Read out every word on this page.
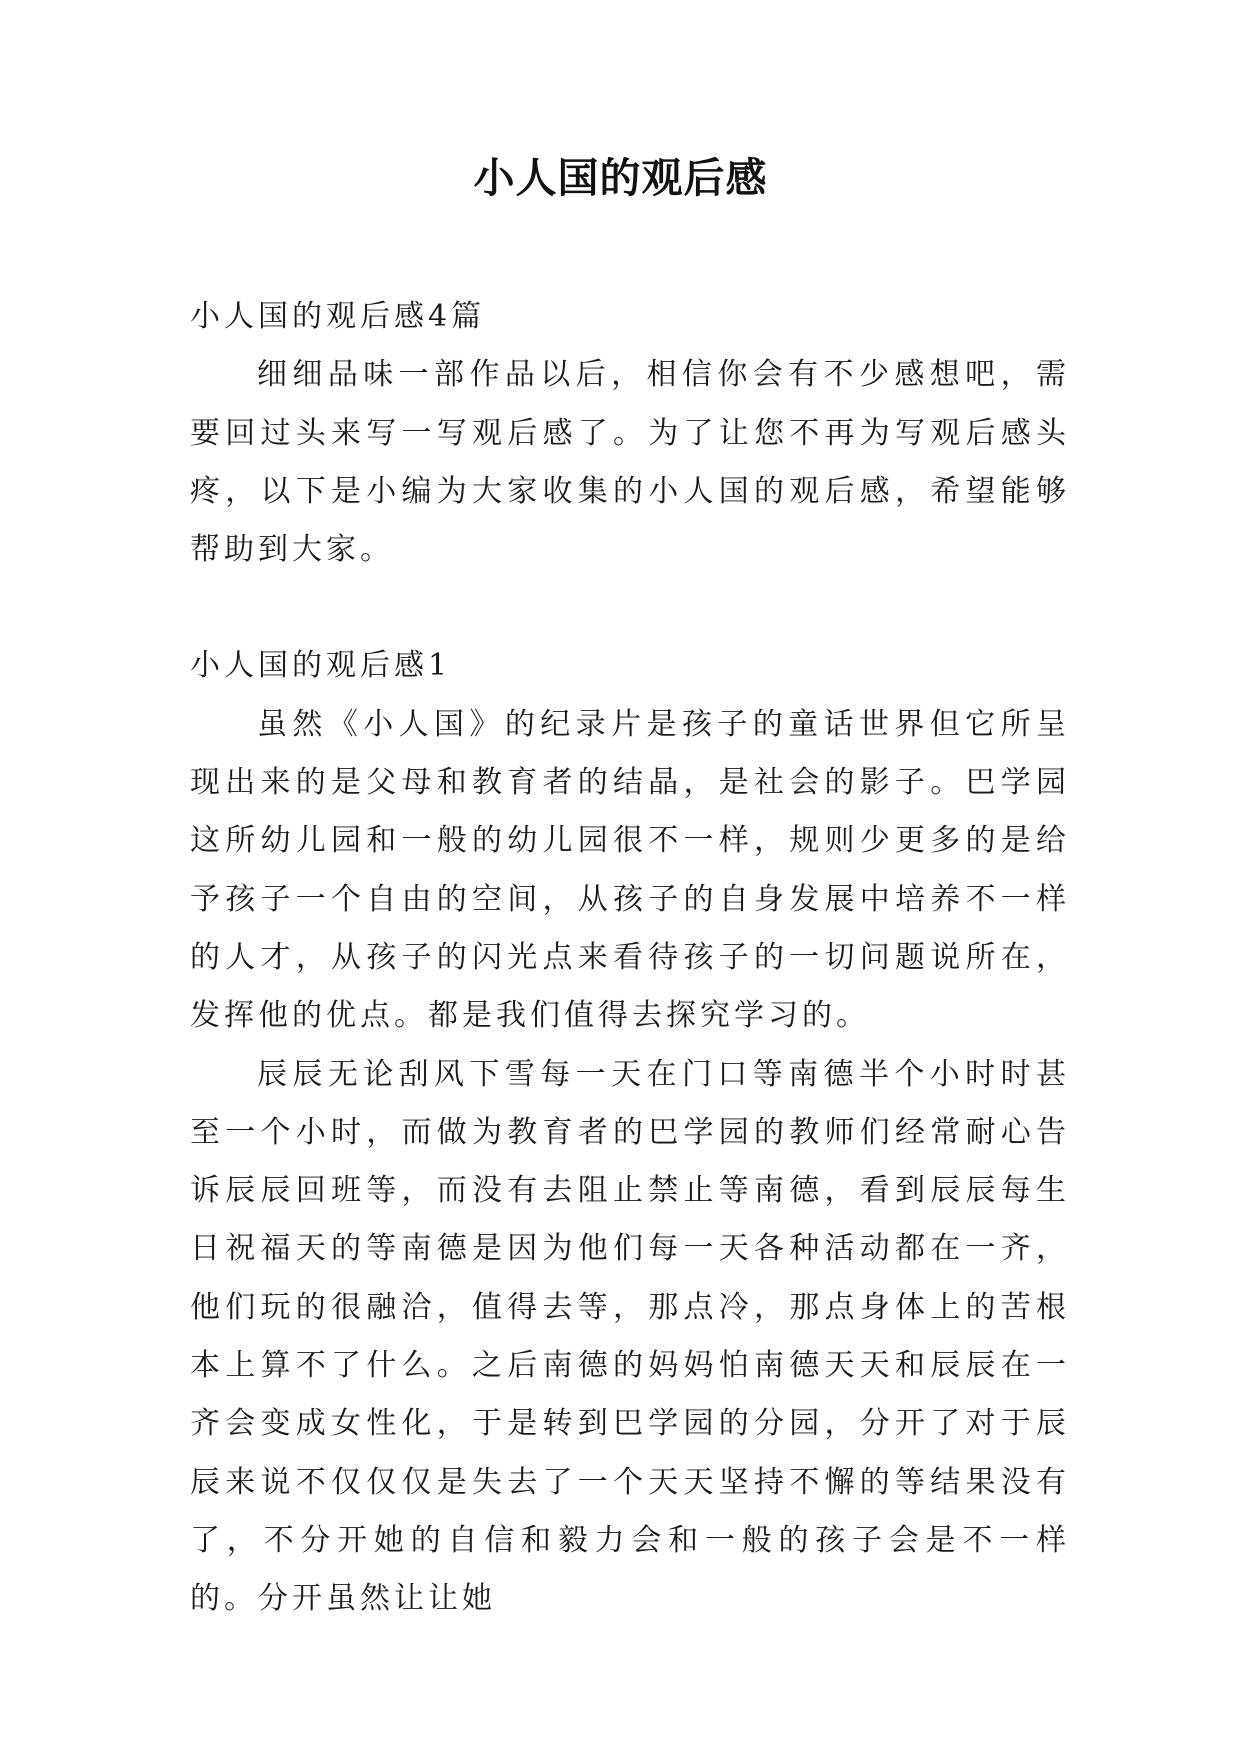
小人国的观后感

小人国的观后感4篇

细细品味一部作品以后，相信你会有不少感想吧，需要回过头来写一写观后感了。为了让您不再为写观后感头疼，以下是小编为大家收集的小人国的观后感，希望能够帮助到大家。

小人国的观后感1

虽然《小人国》的纪录片是孩子的童话世界但它所呈现出来的是父母和教育者的结晶，是社会的影子。巴学园这所幼儿园和一般的幼儿园很不一样，规则少更多的是给予孩子一个自由的空间，从孩子的自身发展中培养不一样的人才，从孩子的闪光点来看待孩子的一切问题说所在，发挥他的优点。都是我们值得去探究学习的。

辰辰无论刮风下雪每一天在门口等南德半个小时时甚至一个小时，而做为教育者的巴学园的教师们经常耐心告诉辰辰回班等，而没有去阻止禁止等南德，看到辰辰每生日祝福天的等南德是因为他们每一天各种活动都在一齐，他们玩的很融洽，值得去等，那点冷，那点身体上的苦根本上算不了什么。之后南德的妈妈怕南德天天和辰辰在一齐会变成女性化，于是转到巴学园的分园，分开了对于辰辰来说不仅仅仅是失去了一个天天坚持不懈的等结果没有了，不分开她的自信和毅力会和一般的孩子会是不一样的。分开虽然让让她
